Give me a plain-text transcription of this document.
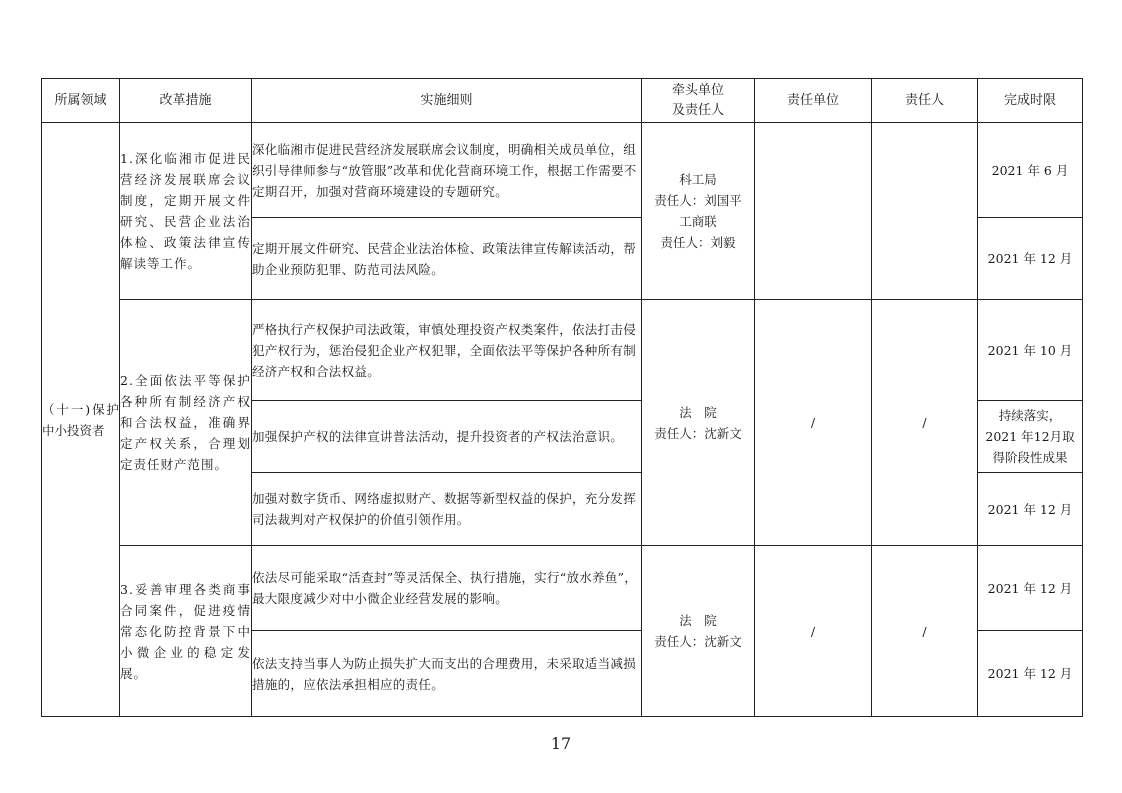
所属领域	改革措施	实施细则	牵头单位
及责任人	责任单位	责任人	完成时限
（十一)保护中小投资者	1.深化临湘市促进民营经济发展联席会议制度，定期开展文件研究、民营企业法治体检、政策法律宣传解读等工作。	深化临湘市促进民营经济发展联席会议制度，明确相关成员单位，组织引导律师参与“放管服”改革和优化营商环境工作，根据工作需要不定期召开，加强对营商环境建设的专题研究。	科工局
责任人：刘国平
工商联
责任人：刘毅			2021 年 6 月

		定期开展文件研究、民营企业法治体检、政策法律宣传解读活动，帮助企业预防犯罪、防范司法风险。				2021 年 12 月

	2.全面依法平等保护各种所有制经济产权和合法权益，准确界定产权关系，合理划定责任财产范围。	严格执行产权保护司法政策，审慎处理投资产权类案件，依法打击侵犯产权行为，惩治侵犯企业产权犯罪，全面依法平等保护各种所有制经济产权和合法权益。	法　院
责任人：沈新文	/	/	2021 年 10 月

		加强保护产权的法律宣讲普法活动，提升投资者的产权法治意识。				持续落实，
2021 年12月取
得阶段性成果

		加强对数字货币、网络虚拟财产、数据等新型权益的保护，充分发挥司法裁判对产权保护的价值引领作用。				2021 年 12 月

	3.妥善审理各类商事合同案件，促进疫情常态化防控背景下中小微企业的稳定发展。	依法尽可能采取“活查封”等灵活保全、执行措施，实行“放水养鱼”，最大限度减少对中小微企业经营发展的影响。	法　院
责任人：沈新文	/	/	2021 年 12 月

		依法支持当事人为防止损失扩大而支出的合理费用，未采取适当减损措施的，应依法承担相应的责任。				2021 年 12 月
17
